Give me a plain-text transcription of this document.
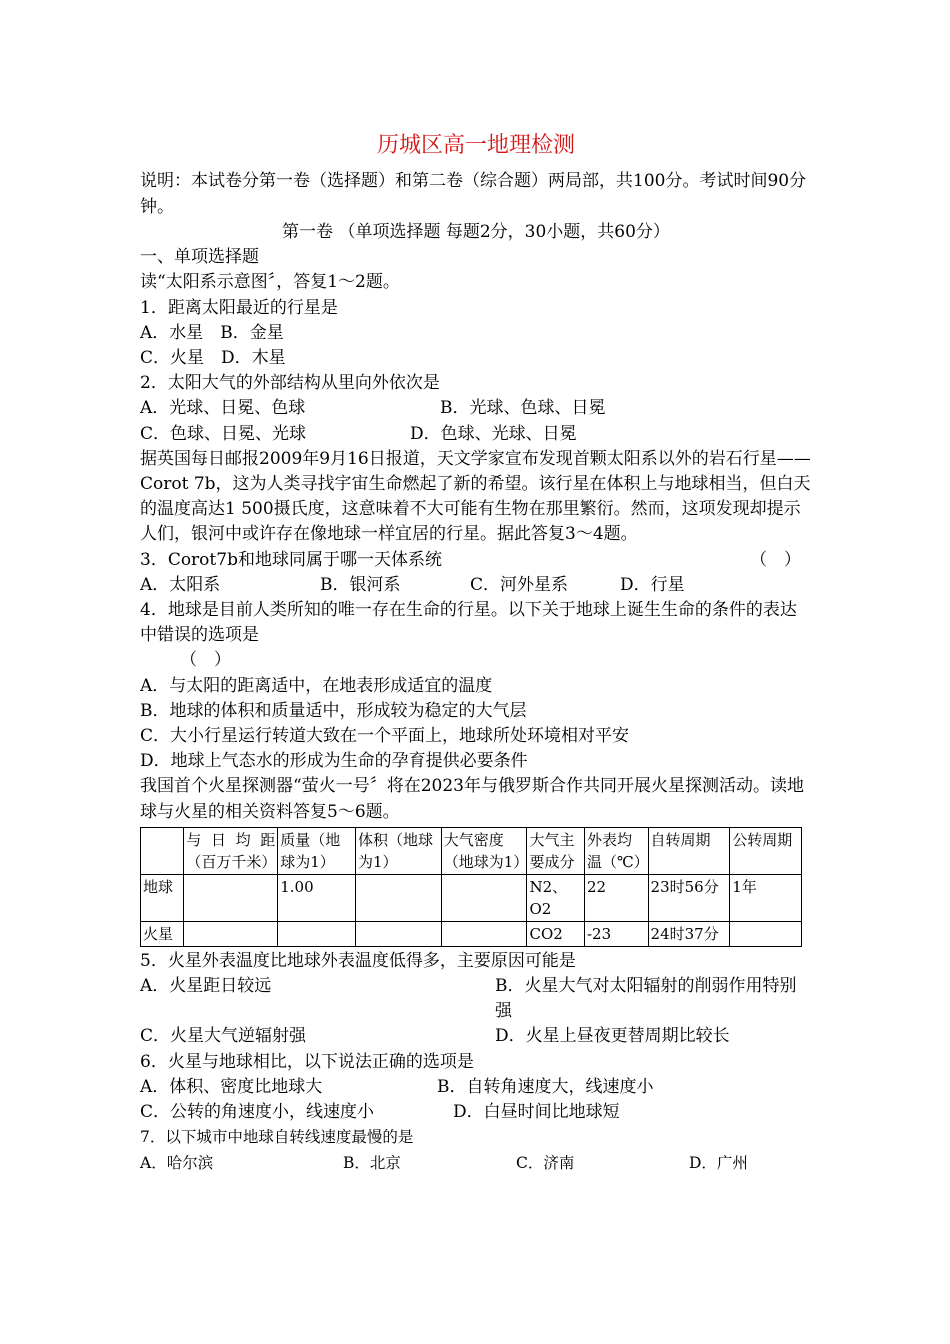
历城区高一地理检测
说明：本试卷分第一卷（选择题）和第二卷（综合题）两局部，共100分。考试时间90分钟。
第一卷 （单项选择题 每题2分，30小题，共60分）
一、单项选择题
读“太阳系示意图〞，答复1～2题。
1．距离太阳最近的行星是
A．水星　B．金星
C．火星　D．木星
2．太阳大气的外部结构从里向外依次是
A．光球、日冕、色球	B．光球、色球、日冕
C．色球、日冕、光球	D．色球、光球、日冕
据英国每日邮报2009年9月16日报道，天文学家宣布发现首颗太阳系以外的岩石行星——Corot 7b，这为人类寻找宇宙生命燃起了新的希望。该行星在体积上与地球相当，但白天的温度高达1 500摄氏度，这意味着不大可能有生物在那里繁衍。然而，这项发现却提示人们，银河中或许存在像地球一样宜居的行星。据此答复3～4题。
3．Corot7b和地球同属于哪一天体系统	（　）
A．太阳系	B．银河系	C．河外星系	D．行星
4．地球是目前人类所知的唯一存在生命的行星。以下关于地球上诞生生命的条件的表达中错误的选项是
（　）
A．与太阳的距离适中，在地表形成适宜的温度
B．地球的体积和质量适中，形成较为稳定的大气层
C．大小行星运行转道大致在一个平面上，地球所处环境相对平安
D．地球上气态水的形成为生命的孕育提供必要条件
我国首个火星探测器“萤火一号〞将在2023年与俄罗斯合作共同开展火星探测活动。读地球与火星的相关资料答复5～6题。
	与日均距（百万千米）	质量（地球为1）	体积（地球为1）	大气密度（地球为1）	大气主要成分	外表均温（℃）	自转周期	公转周期
地球		1.00			N2、O2	22	23时56分	1年
火星					CO2	-23	24时37分	
5．火星外表温度比地球外表温度低得多，主要原因可能是
A．火星距日较远	B．火星大气对太阳辐射的削弱作用特别强
C．火星大气逆辐射强	D．火星上昼夜更替周期比较长
6．火星与地球相比，以下说法正确的选项是
A．体积、密度比地球大	B．自转角速度大，线速度小
C．公转的角速度小，线速度小	D．白昼时间比地球短
7．以下城市中地球自转线速度最慢的是
A．哈尔滨	B．北京	C．济南	D．广州
